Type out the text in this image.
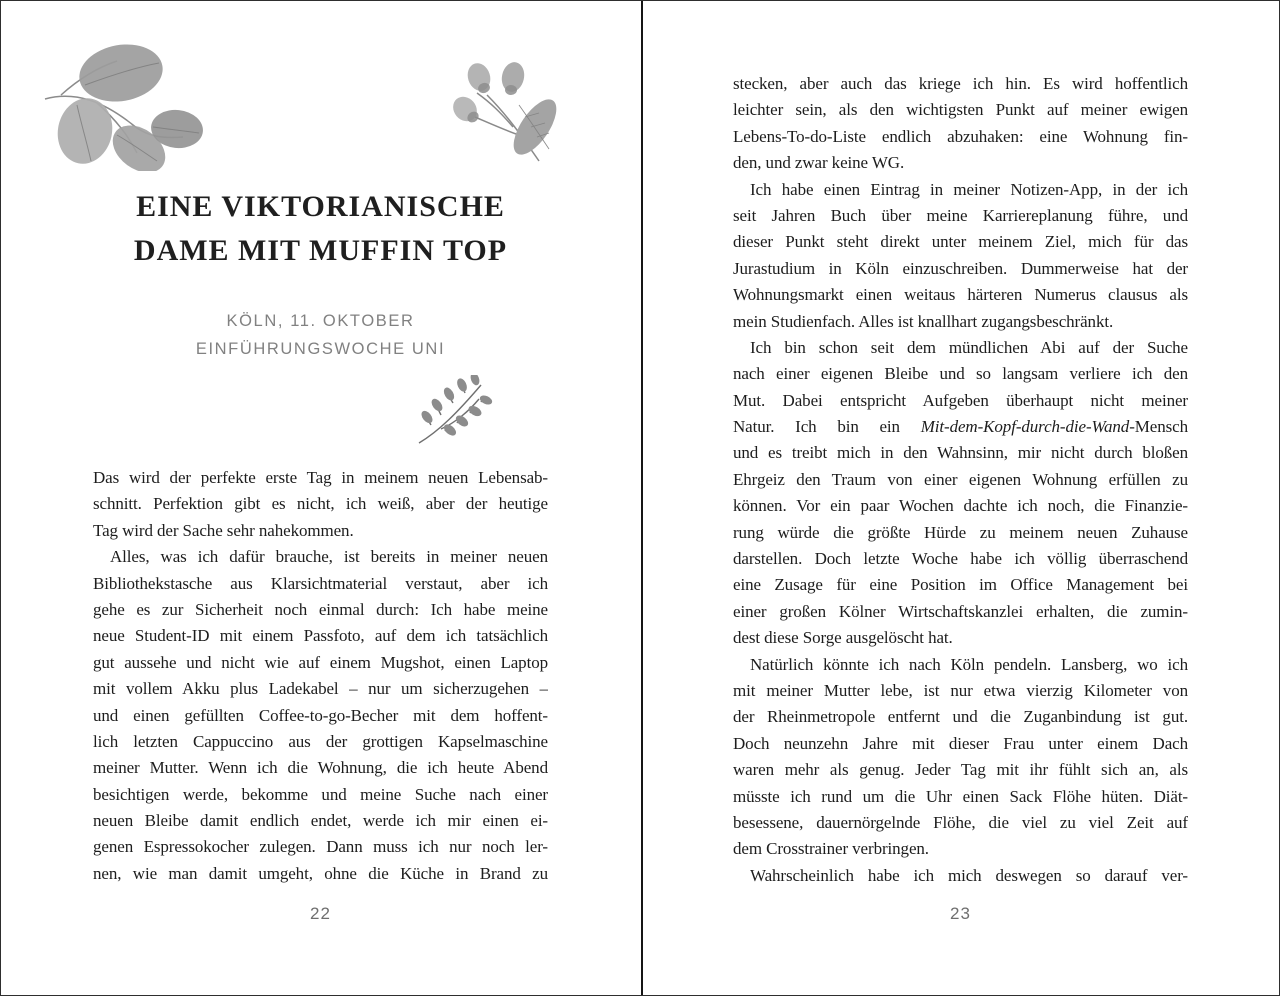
EINE VIKTORIANISCHE
DAME MIT MUFFIN TOP
KÖLN, 11. OKTOBER
EINFÜHRUNGSWOCHE UNI
Das wird der perfekte erste Tag in meinem neuen Lebensab-
schnitt. Perfektion gibt es nicht, ich weiß, aber der heutige
Tag wird der Sache sehr nahekommen.
Alles, was ich dafür brauche, ist bereits in meiner neuen
Bibliothekstasche aus Klarsichtmaterial verstaut, aber ich
gehe es zur Sicherheit noch einmal durch: Ich habe meine
neue Student-ID mit einem Passfoto, auf dem ich tatsächlich
gut aussehe und nicht wie auf einem Mugshot, einen Laptop
mit vollem Akku plus Ladekabel – nur um sicherzugehen –
und einen gefüllten Coffee-to-go-Becher mit dem hoffent-
lich letzten Cappuccino aus der grottigen Kapselmaschine
meiner Mutter. Wenn ich die Wohnung, die ich heute Abend
besichtigen werde, bekomme und meine Suche nach einer
neuen Bleibe damit endlich endet, werde ich mir einen ei-
genen Espressokocher zulegen. Dann muss ich nur noch ler-
nen, wie man damit umgeht, ohne die Küche in Brand zu
22
stecken, aber auch das kriege ich hin. Es wird hoffentlich
leichter sein, als den wichtigsten Punkt auf meiner ewigen
Lebens-To-do-Liste endlich abzuhaken: eine Wohnung fin-
den, und zwar keine WG.
Ich habe einen Eintrag in meiner Notizen-App, in der ich
seit Jahren Buch über meine Karriereplanung führe, und
dieser Punkt steht direkt unter meinem Ziel, mich für das
Jurastudium in Köln einzuschreiben. Dummerweise hat der
Wohnungsmarkt einen weitaus härteren Numerus clausus als
mein Studienfach. Alles ist knallhart zugangsbeschränkt.
Ich bin schon seit dem mündlichen Abi auf der Suche
nach einer eigenen Bleibe und so langsam verliere ich den
Mut. Dabei entspricht Aufgeben überhaupt nicht meiner
Natur. Ich bin ein Mit-dem-Kopf-durch-die-Wand-Mensch
und es treibt mich in den Wahnsinn, mir nicht durch bloßen
Ehrgeiz den Traum von einer eigenen Wohnung erfüllen zu
können. Vor ein paar Wochen dachte ich noch, die Finanzie-
rung würde die größte Hürde zu meinem neuen Zuhause
darstellen. Doch letzte Woche habe ich völlig überraschend
eine Zusage für eine Position im Office Management bei
einer großen Kölner Wirtschaftskanzlei erhalten, die zumin-
dest diese Sorge ausgelöscht hat.
Natürlich könnte ich nach Köln pendeln. Lansberg, wo ich
mit meiner Mutter lebe, ist nur etwa vierzig Kilometer von
der Rheinmetropole entfernt und die Zuganbindung ist gut.
Doch neunzehn Jahre mit dieser Frau unter einem Dach
waren mehr als genug. Jeder Tag mit ihr fühlt sich an, als
müsste ich rund um die Uhr einen Sack Flöhe hüten. Diät-
besessene, dauernörgelnde Flöhe, die viel zu viel Zeit auf
dem Crosstrainer verbringen.
Wahrscheinlich habe ich mich deswegen so darauf ver-
23
